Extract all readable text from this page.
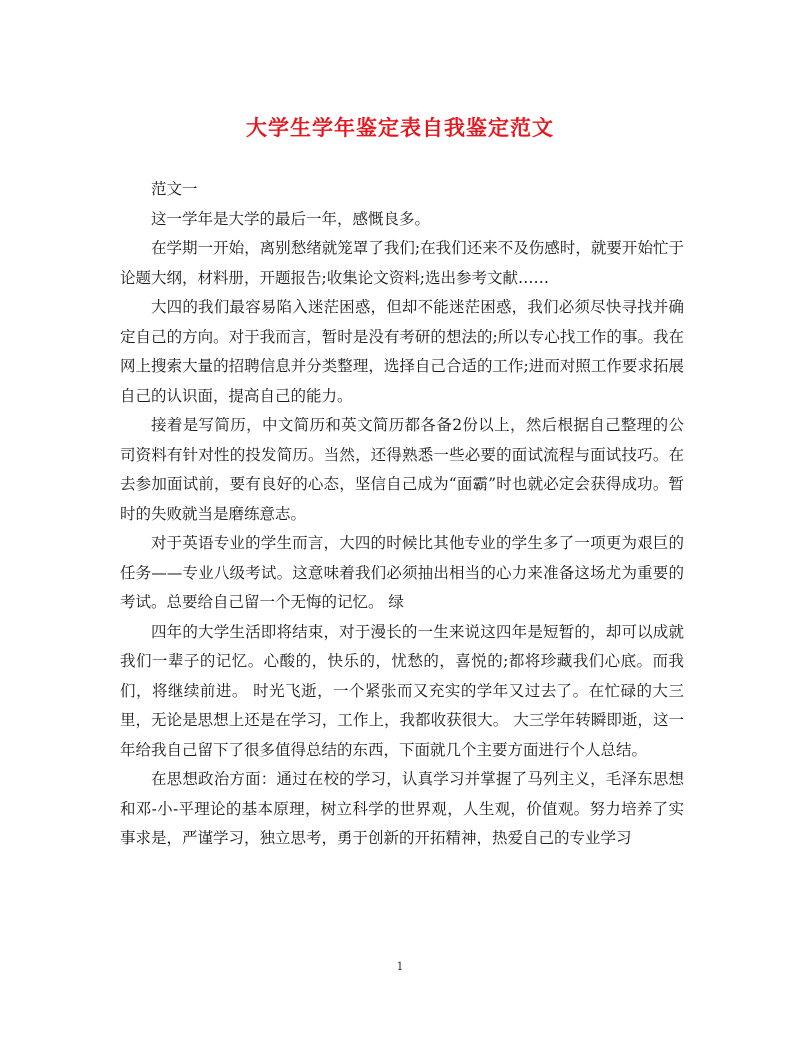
大学生学年鉴定表自我鉴定范文

范文一

这一学年是大学的最后一年，感慨良多。

在学期一开始，离别愁绪就笼罩了我们;在我们还来不及伤感时，就要开始忙于论题大纲，材料册，开题报告;收集论文资料;选出参考文献……

大四的我们最容易陷入迷茫困惑，但却不能迷茫困惑，我们必须尽快寻找并确定自己的方向。对于我而言，暂时是没有考研的想法的;所以专心找工作的事。我在网上搜索大量的招聘信息并分类整理，选择自己合适的工作;进而对照工作要求拓展自己的认识面，提高自己的能力。

接着是写简历，中文简历和英文简历都各备2份以上，然后根据自己整理的公司资料有针对性的投发简历。当然，还得熟悉一些必要的面试流程与面试技巧。在去参加面试前，要有良好的心态，坚信自己成为“面霸”时也就必定会获得成功。暂时的失败就当是磨练意志。

对于英语专业的学生而言，大四的时候比其他专业的学生多了一项更为艰巨的任务——专业八级考试。这意味着我们必须抽出相当的心力来准备这场尤为重要的考试。总要给自己留一个无悔的记忆。 绿

四年的大学生活即将结束，对于漫长的一生来说这四年是短暂的，却可以成就我们一辈子的记忆。心酸的，快乐的，忧愁的，喜悦的;都将珍藏我们心底。而我们，将继续前进。 时光飞逝，一个紧张而又充实的学年又过去了。在忙碌的大三里，无论是思想上还是在学习，工作上，我都收获很大。 大三学年转瞬即逝，这一年给我自己留下了很多值得总结的东西，下面就几个主要方面进行个人总结。

在思想政治方面：通过在校的学习，认真学习并掌握了马列主义，毛泽东思想和邓-小-平理论的基本原理，树立科学的世界观，人生观，价值观。努力培养了实事求是，严谨学习，独立思考，勇于创新的开拓精神，热爱自己的专业学习

1
